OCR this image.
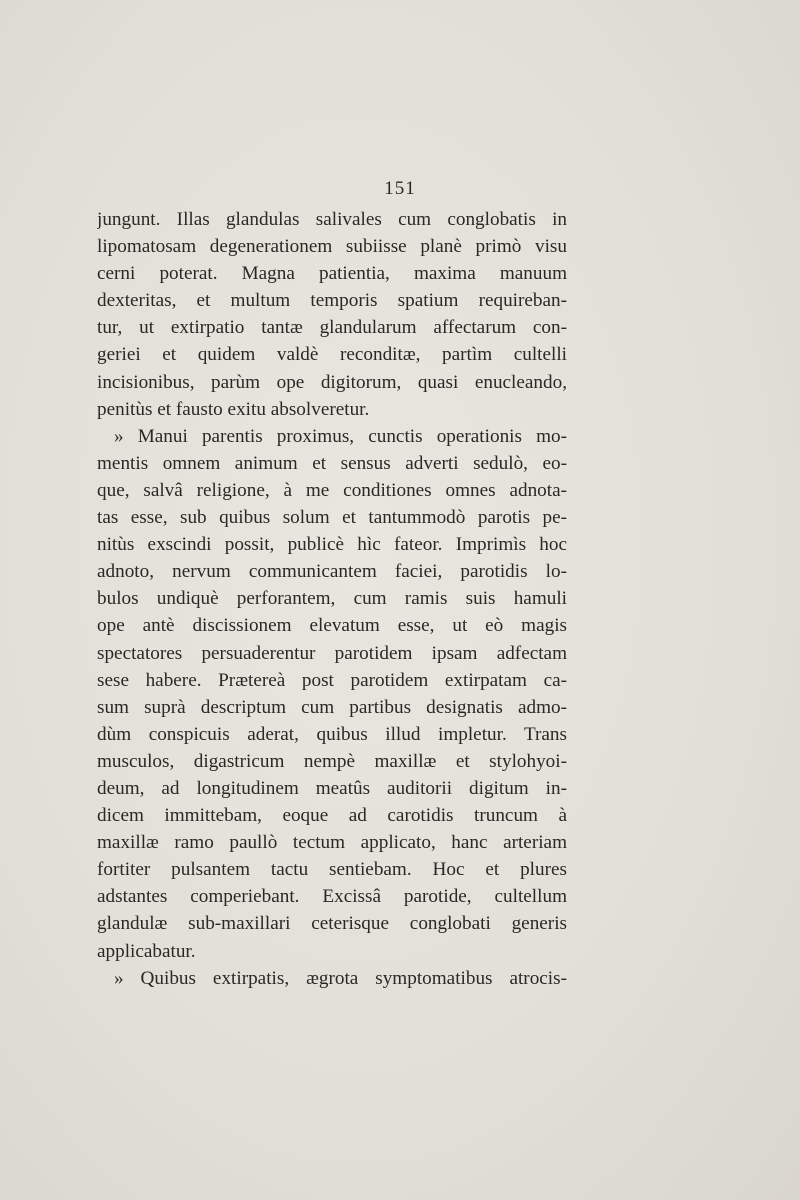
151
jungunt. Illas glandulas salivales cum conglobatis in
lipomatosam degenerationem subiisse planè primò visu
cerni poterat. Magna patientia, maxima manuum
dexteritas, et multum temporis spatium requireban-
tur, ut extirpatio tantæ glandularum affectarum con-
geriei et quidem valdè reconditæ, partìm cultelli
incisionibus, parùm ope digitorum, quasi enucleando,
penitùs et fausto exitu absolveretur.
» Manui parentis proximus, cunctis operationis mo-
mentis omnem animum et sensus adverti sedulò, eo-
que, salvâ religione, à me conditiones omnes adnota-
tas esse, sub quibus solum et tantummodò parotis pe-
nitùs exscindi possit, publicè hìc fateor. Imprimìs hoc
adnoto, nervum communicantem faciei, parotidis lo-
bulos undiquè perforantem, cum ramis suis hamuli
ope antè discissionem elevatum esse, ut eò magis
spectatores persuaderentur parotidem ipsam adfectam
sese habere. Prætereà post parotidem extirpatam ca-
sum suprà descriptum cum partibus designatis admo-
dùm conspicuis aderat, quibus illud impletur. Trans
musculos, digastricum nempè maxillæ et stylohyoi-
deum, ad longitudinem meatûs auditorii digitum in-
dicem immittebam, eoque ad carotidis truncum à
maxillæ ramo paullò tectum applicato, hanc arteriam
fortiter pulsantem tactu sentiebam. Hoc et plures
adstantes comperiebant. Excissâ parotide, cultellum
glandulæ sub-maxillari ceterisque conglobati generis
applicabatur.
» Quibus extirpatis, ægrota symptomatibus atrocis-
